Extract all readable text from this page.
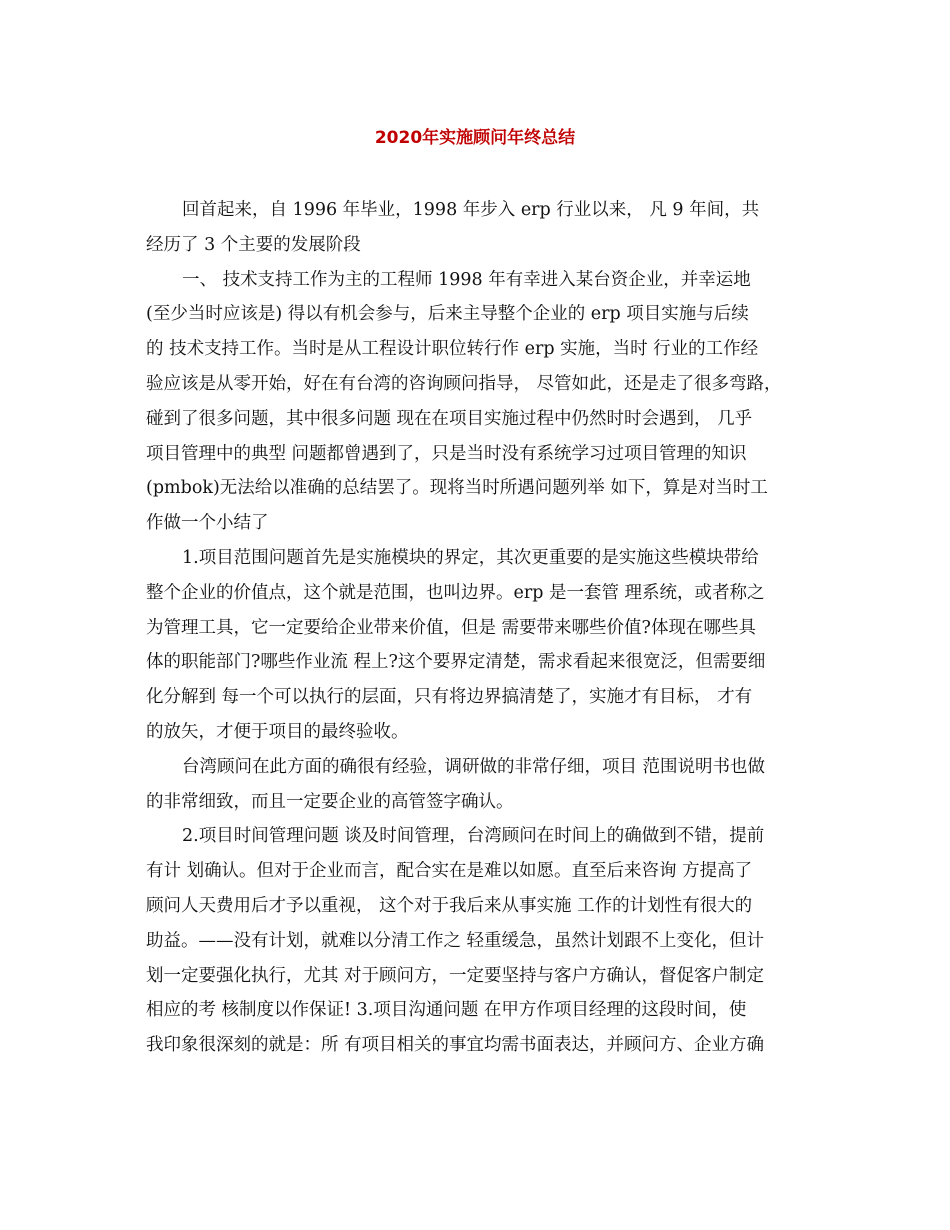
2020年实施顾问年终总结
回首起来，自 1996 年毕业，1998 年步入 erp 行业以来， 凡 9 年间，共
经历了 3 个主要的发展阶段
一、 技术支持工作为主的工程师 1998 年有幸进入某台资企业，并幸运地
(至少当时应该是) 得以有机会参与，后来主导整个企业的 erp 项目实施与后续
的 技术支持工作。当时是从工程设计职位转行作 erp 实施，当时 行业的工作经
验应该是从零开始，好在有台湾的咨询顾问指导， 尽管如此，还是走了很多弯路，
碰到了很多问题，其中很多问题 现在在项目实施过程中仍然时时会遇到， 几乎
项目管理中的典型 问题都曾遇到了，只是当时没有系统学习过项目管理的知识
(pmbok)无法给以准确的总结罢了。现将当时所遇问题列举 如下，算是对当时工
作做一个小结了
1.项目范围问题首先是实施模块的界定，其次更重要的是实施这些模块带给
整个企业的价值点，这个就是范围，也叫边界。erp 是一套管 理系统，或者称之
为管理工具，它一定要给企业带来价值，但是 需要带来哪些价值?体现在哪些具
体的职能部门?哪些作业流 程上?这个要界定清楚，需求看起来很宽泛，但需要细
化分解到 每一个可以执行的层面，只有将边界搞清楚了，实施才有目标， 才有
的放矢，才便于项目的最终验收。
台湾顾问在此方面的确很有经验，调研做的非常仔细，项目 范围说明书也做
的非常细致，而且一定要企业的高管签字确认。
2.项目时间管理问题 谈及时间管理，台湾顾问在时间上的确做到不错，提前
有计 划确认。但对于企业而言，配合实在是难以如愿。直至后来咨询 方提高了
顾问人天费用后才予以重视， 这个对于我后来从事实施 工作的计划性有很大的
助益。——没有计划，就难以分清工作之 轻重缓急，虽然计划跟不上变化，但计
划一定要强化执行，尤其 对于顾问方，一定要坚持与客户方确认，督促客户制定
相应的考 核制度以作保证! 3.项目沟通问题 在甲方作项目经理的这段时间，使
我印象很深刻的就是：所 有项目相关的事宜均需书面表达，并顾问方、企业方确
